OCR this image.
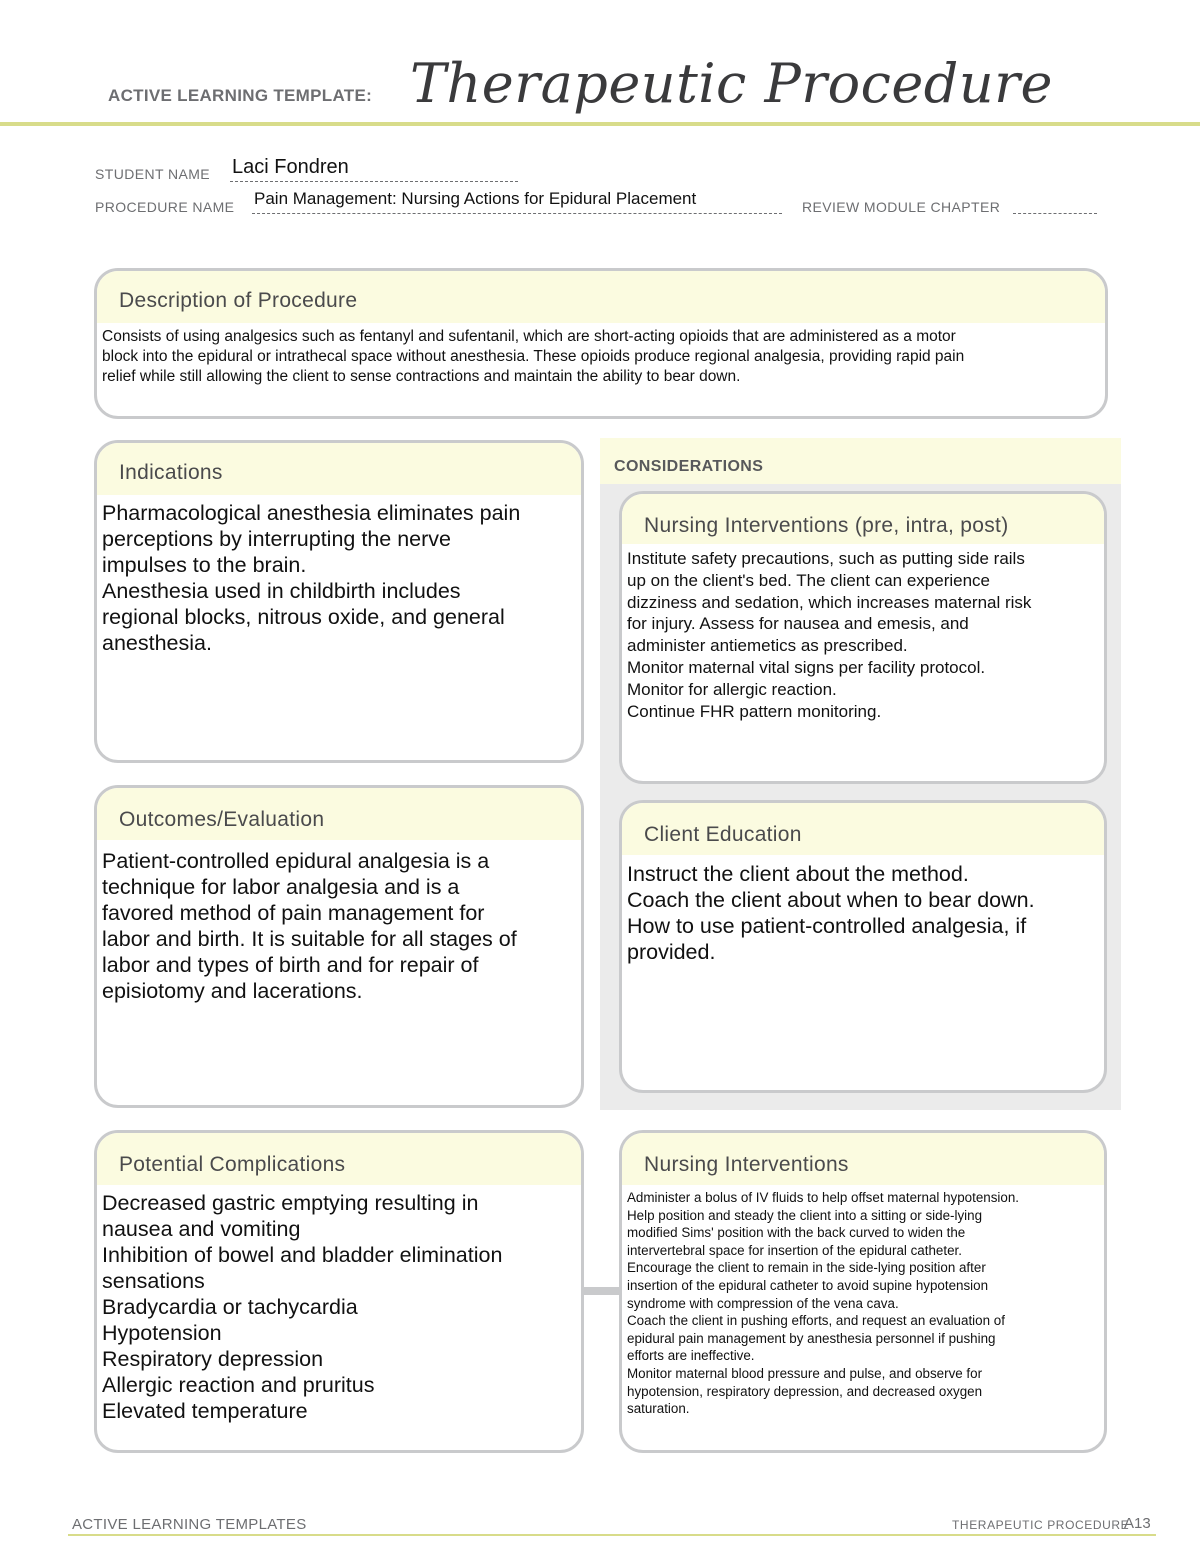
ACTIVE LEARNING TEMPLATE: Therapeutic Procedure
STUDENT NAME Laci Fondren
PROCEDURE NAME Pain Management: Nursing Actions for Epidural Placement	REVIEW MODULE CHAPTER
Description of Procedure
Consists of using analgesics such as fentanyl and sufentanil, which are short-acting opioids that are administered as a motor
block into the epidural or intrathecal space without anesthesia. These opioids produce regional analgesia, providing rapid pain
relief while still allowing the client to sense contractions and maintain the ability to bear down.
CONSIDERATIONS
Indications
Pharmacological anesthesia eliminates pain
perceptions by interrupting the nerve
impulses to the brain.
Anesthesia used in childbirth includes
regional blocks, nitrous oxide, and general
anesthesia.
Nursing Interventions (pre, intra, post)
Institute safety precautions, such as putting side rails
up on the client's bed. The client can experience
dizziness and sedation, which increases maternal risk
for injury. Assess for nausea and emesis, and
administer antiemetics as prescribed.
Monitor maternal vital signs per facility protocol.
Monitor for allergic reaction.
Continue FHR pattern monitoring.
Outcomes/Evaluation
Patient-controlled epidural analgesia is a
technique for labor analgesia and is a
favored method of pain management for
labor and birth. It is suitable for all stages of
labor and types of birth and for repair of
episiotomy and lacerations.
Client Education
Instruct the client about the method.
Coach the client about when to bear down.
How to use patient-controlled analgesia, if
provided.
Potential Complications
Decreased gastric emptying resulting in
nausea and vomiting
Inhibition of bowel and bladder elimination
sensations
Bradycardia or tachycardia
Hypotension
Respiratory depression
Allergic reaction and pruritus
Elevated temperature
Nursing Interventions
Administer a bolus of IV fluids to help offset maternal hypotension.
Help position and steady the client into a sitting or side-lying
modified Sims' position with the back curved to widen the
intervertebral space for insertion of the epidural catheter.
Encourage the client to remain in the side-lying position after
insertion of the epidural catheter to avoid supine hypotension
syndrome with compression of the vena cava.
Coach the client in pushing efforts, and request an evaluation of
epidural pain management by anesthesia personnel if pushing
efforts are ineffective.
Monitor maternal blood pressure and pulse, and observe for
hypotension, respiratory depression, and decreased oxygen
saturation.
ACTIVE LEARNING TEMPLATES	THERAPEUTIC PROCEDURE
A13
